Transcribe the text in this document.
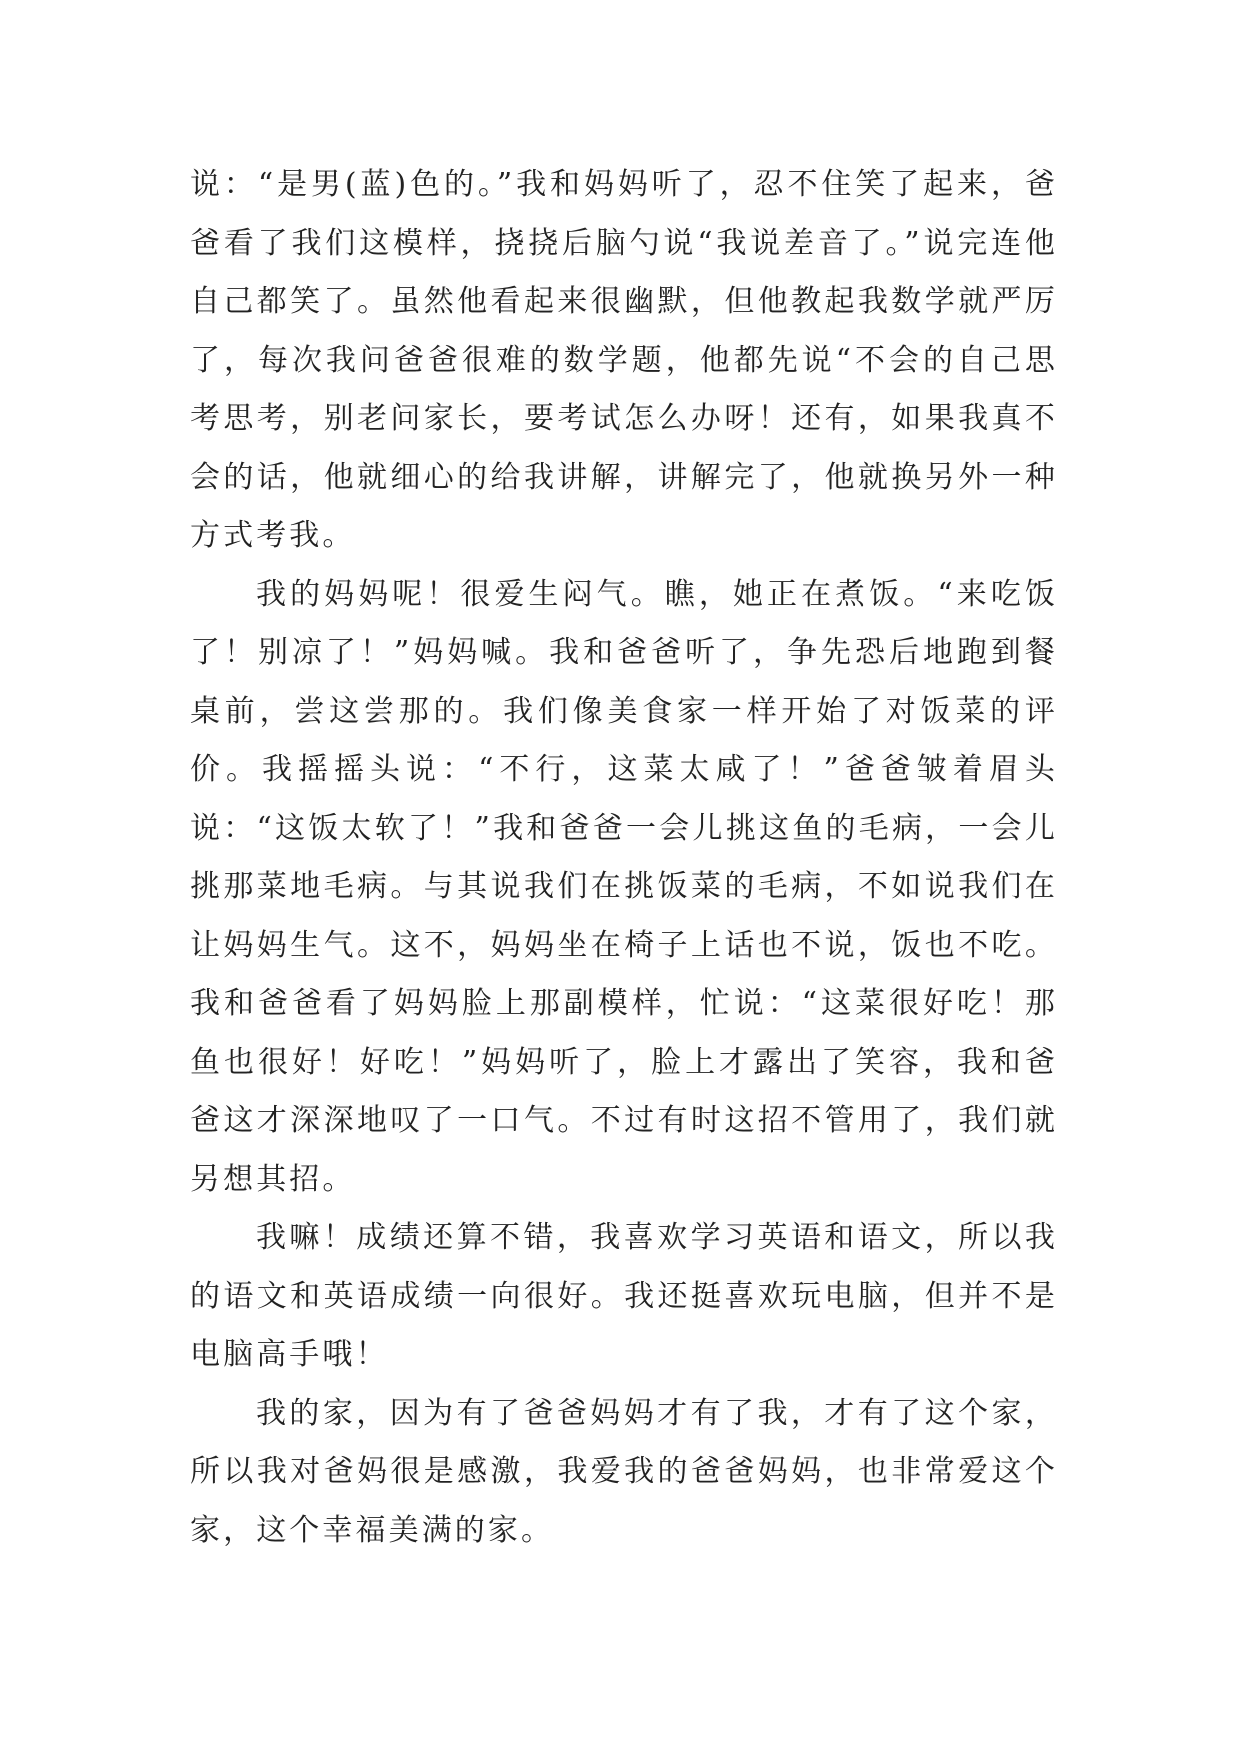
说：“是男(蓝)色的。”我和妈妈听了，忍不住笑了起来，爸爸看了我们这模样，挠挠后脑勺说“我说差音了。”说完连他自己都笑了。虽然他看起来很幽默，但他教起我数学就严厉了，每次我问爸爸很难的数学题，他都先说“不会的自己思考思考，别老问家长，要考试怎么办呀！还有，如果我真不会的话，他就细心的给我讲解，讲解完了，他就换另外一种方式考我。

我的妈妈呢！很爱生闷气。瞧，她正在煮饭。“来吃饭了！别凉了！”妈妈喊。我和爸爸听了，争先恐后地跑到餐桌前，尝这尝那的。我们像美食家一样开始了对饭菜的评价。我摇摇头说：“不行，这菜太咸了！”爸爸皱着眉头说：“这饭太软了！”我和爸爸一会儿挑这鱼的毛病，一会儿挑那菜地毛病。与其说我们在挑饭菜的毛病，不如说我们在让妈妈生气。这不，妈妈坐在椅子上话也不说，饭也不吃。我和爸爸看了妈妈脸上那副模样，忙说：“这菜很好吃！那鱼也很好！好吃！”妈妈听了，脸上才露出了笑容，我和爸爸这才深深地叹了一口气。不过有时这招不管用了，我们就另想其招。

我嘛！成绩还算不错，我喜欢学习英语和语文，所以我的语文和英语成绩一向很好。我还挺喜欢玩电脑，但并不是电脑高手哦！

我的家，因为有了爸爸妈妈才有了我，才有了这个家，所以我对爸妈很是感激，我爱我的爸爸妈妈，也非常爱这个家，这个幸福美满的家。
